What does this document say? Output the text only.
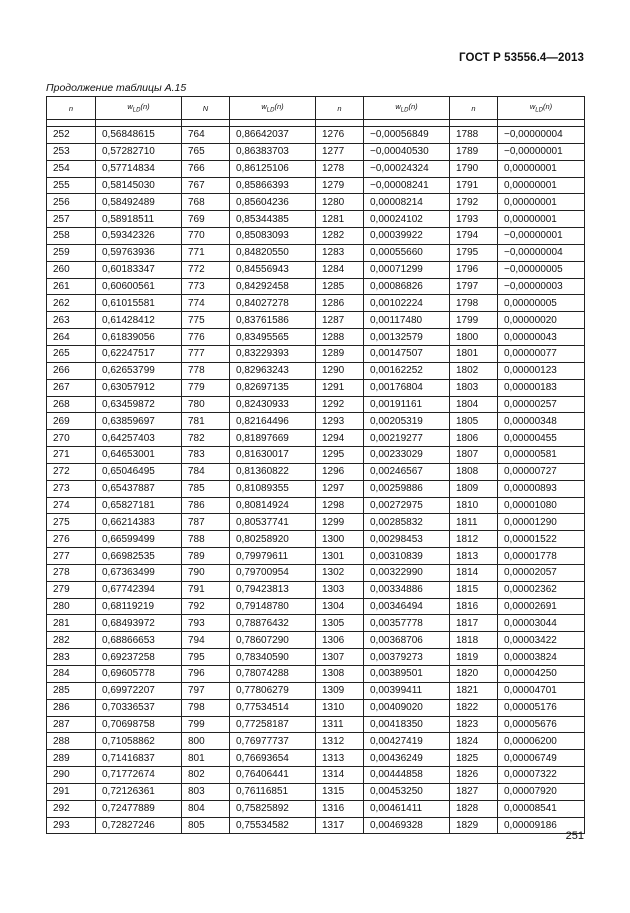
ГОСТ Р 53556.4—2013
Продолжение таблицы А.15
n	$w_{LD}(n)$	N	$w_{LD}(n)$	n	$w_{LD}(n)$	n	$w_{LD}(n)$

252	0,56848615	764	0,86642037	1276	−0,00056849	1788	−0,00000004
253	0,57282710	765	0,86383703	1277	−0,00040530	1789	−0,00000001
254	0,57714834	766	0,86125106	1278	−0,00024324	1790	0,00000001
255	0,58145030	767	0,85866393	1279	−0,00008241	1791	0,00000001
256	0,58492489	768	0,85604236	1280	0,00008214	1792	0,00000001
257	0,58918511	769	0,85344385	1281	0,00024102	1793	0,00000001
258	0,59342326	770	0,85083093	1282	0,00039922	1794	−0,00000001
259	0,59763936	771	0,84820550	1283	0,00055660	1795	−0,00000004
260	0,60183347	772	0,84556943	1284	0,00071299	1796	−0,00000005
261	0,60600561	773	0,84292458	1285	0,00086826	1797	−0,00000003
262	0,61015581	774	0,84027278	1286	0,00102224	1798	0,00000005
263	0,61428412	775	0,83761586	1287	0,00117480	1799	0,00000020
264	0,61839056	776	0,83495565	1288	0,00132579	1800	0,00000043
265	0,62247517	777	0,83229393	1289	0,00147507	1801	0,00000077
266	0,62653799	778	0,82963243	1290	0,00162252	1802	0,00000123
267	0,63057912	779	0,82697135	1291	0,00176804	1803	0,00000183
268	0,63459872	780	0,82430933	1292	0,00191161	1804	0,00000257
269	0,63859697	781	0,82164496	1293	0,00205319	1805	0,00000348
270	0,64257403	782	0,81897669	1294	0,00219277	1806	0,00000455
271	0,64653001	783	0,81630017	1295	0,00233029	1807	0,00000581
272	0,65046495	784	0,81360822	1296	0,00246567	1808	0,00000727
273	0,65437887	785	0,81089355	1297	0,00259886	1809	0,00000893
274	0,65827181	786	0,80814924	1298	0,00272975	1810	0,00001080
275	0,66214383	787	0,80537741	1299	0,00285832	1811	0,00001290
276	0,66599499	788	0,80258920	1300	0,00298453	1812	0,00001522
277	0,66982535	789	0,79979611	1301	0,00310839	1813	0,00001778
278	0,67363499	790	0,79700954	1302	0,00322990	1814	0,00002057
279	0,67742394	791	0,79423813	1303	0,00334886	1815	0,00002362
280	0,68119219	792	0,79148780	1304	0,00346494	1816	0,00002691
281	0,68493972	793	0,78876432	1305	0,00357778	1817	0,00003044
282	0,68866653	794	0,78607290	1306	0,00368706	1818	0,00003422
283	0,69237258	795	0,78340590	1307	0,00379273	1819	0,00003824
284	0,69605778	796	0,78074288	1308	0,00389501	1820	0,00004250
285	0,69972207	797	0,77806279	1309	0,00399411	1821	0,00004701
286	0,70336537	798	0,77534514	1310	0,00409020	1822	0,00005176
287	0,70698758	799	0,77258187	1311	0,00418350	1823	0,00005676
288	0,71058862	800	0,76977737	1312	0,00427419	1824	0,00006200
289	0,71416837	801	0,76693654	1313	0,00436249	1825	0,00006749
290	0,71772674	802	0,76406441	1314	0,00444858	1826	0,00007322
291	0,72126361	803	0,76116851	1315	0,00453250	1827	0,00007920
292	0,72477889	804	0,75825892	1316	0,00461411	1828	0,00008541
293	0,72827246	805	0,75534582	1317	0,00469328	1829	0,00009186
251
